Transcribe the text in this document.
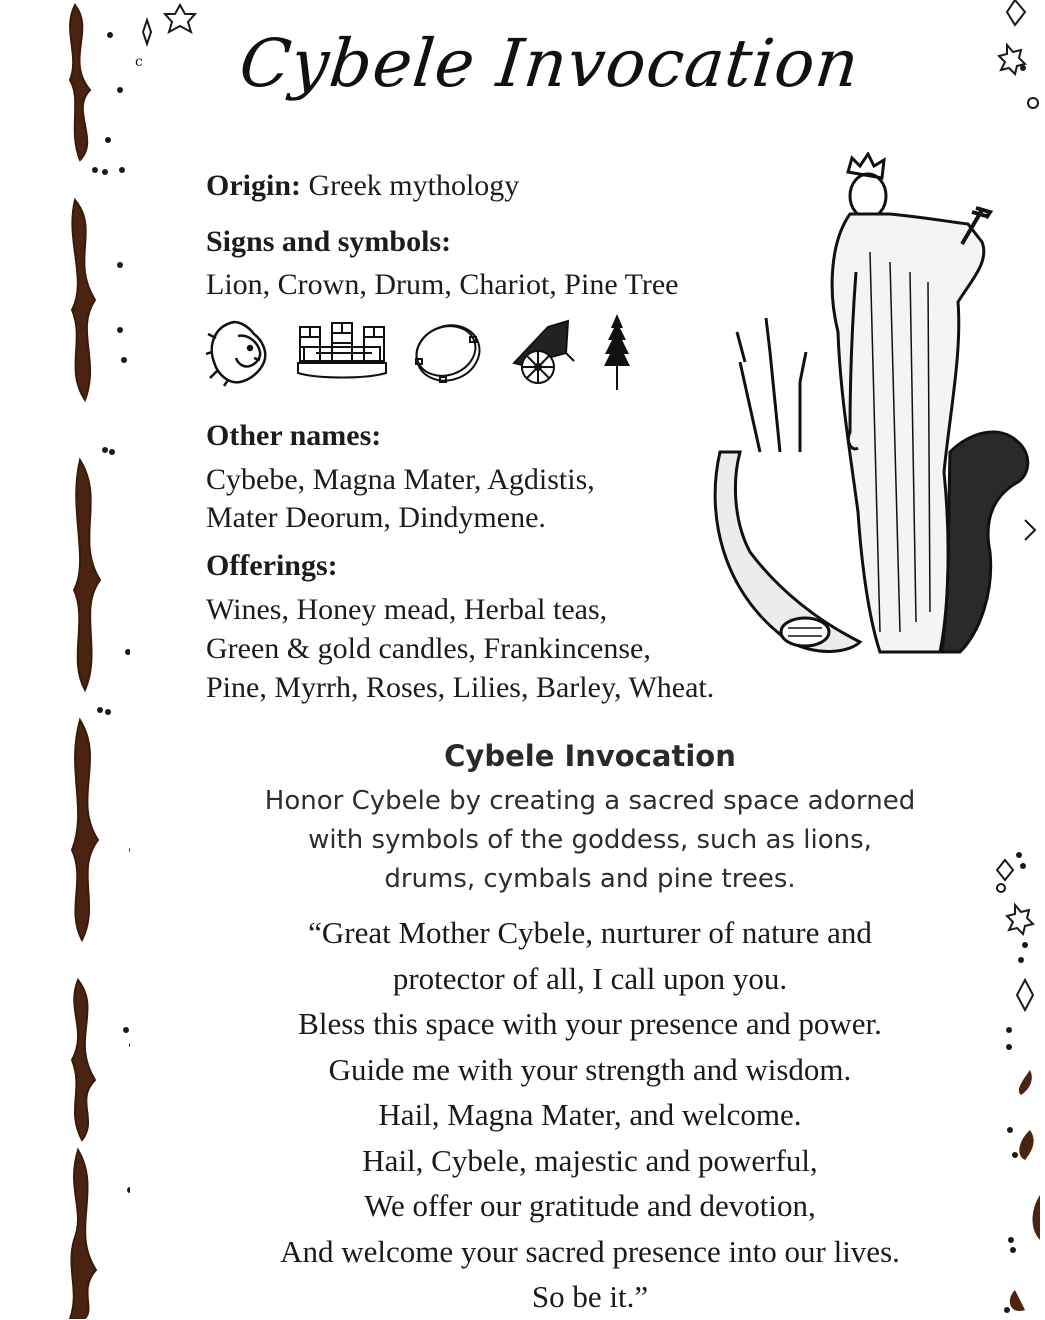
c Cybele Invocation
Origin: Greek mythology
Signs and symbols:
Lion, Crown, Drum, Chariot, Pine Tree
Other names:
Cybebe, Magna Mater, Agdistis,
Mater Deorum, Dindymene.
Offerings:
Wines, Honey mead, Herbal teas,
Green & gold candles, Frankincense,
Pine, Myrrh, Roses, Lilies, Barley, Wheat.
Cybele Invocation
Honor Cybele by creating a sacred space adorned
with symbols of the goddess, such as lions,
drums, cymbals and pine trees.
“Great Mother Cybele, nurturer of nature and
protector of all, I call upon you.
Bless this space with your presence and power.
Guide me with your strength and wisdom.
Hail, Magna Mater, and welcome.
Hail, Cybele, majestic and powerful,
We offer our gratitude and devotion,
And welcome your sacred presence into our lives.
So be it.”
